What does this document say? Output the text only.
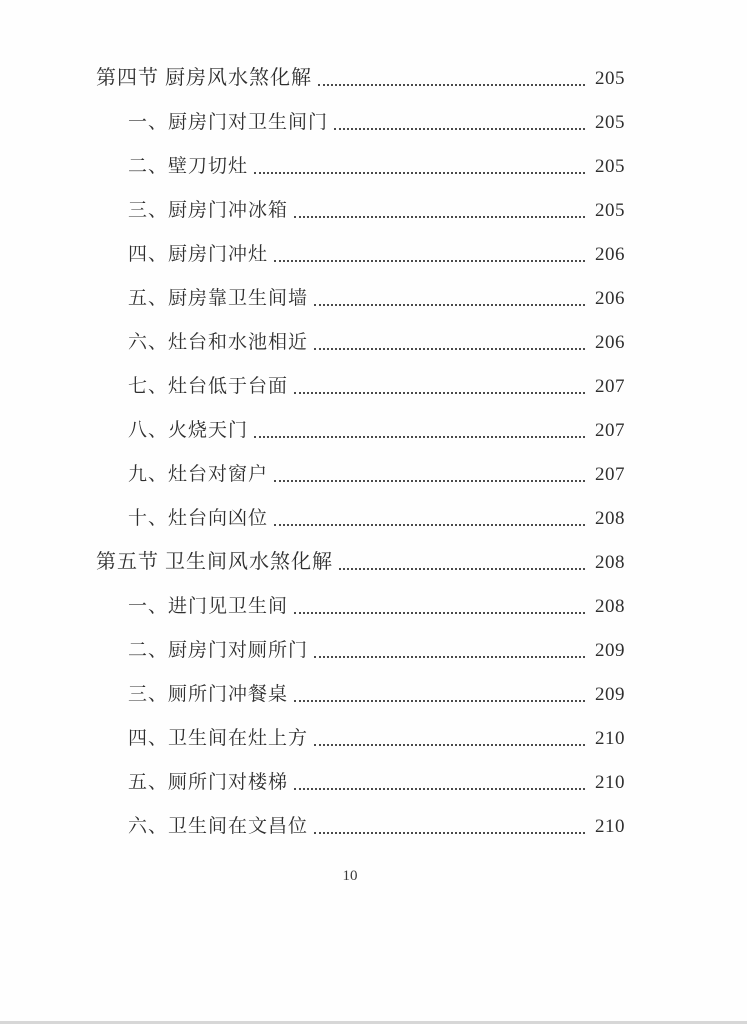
第四节 厨房风水煞化解	205
一、厨房门对卫生间门	205
二、壁刀切灶	205
三、厨房门冲冰箱	205
四、厨房门冲灶	206
五、厨房靠卫生间墙	206
六、灶台和水池相近	206
七、灶台低于台面	207
八、火烧天门	207
九、灶台对窗户	207
十、灶台向凶位	208
第五节 卫生间风水煞化解	208
一、进门见卫生间	208
二、厨房门对厕所门	209
三、厕所门冲餐桌	209
四、卫生间在灶上方	210
五、厕所门对楼梯	210
六、卫生间在文昌位	210
10
